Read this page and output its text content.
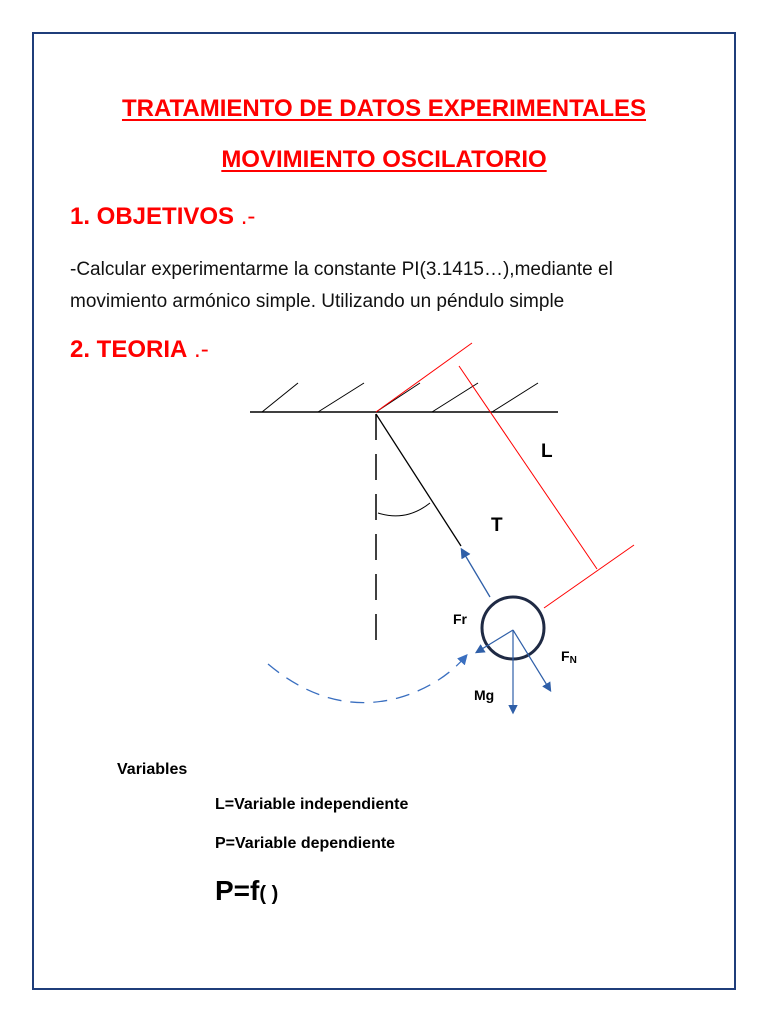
TRATAMIENTO DE DATOS EXPERIMENTALES
MOVIMIENTO OSCILATORIO
1. OBJETIVOS .-
-Calcular experimentarme la constante PI(3.1415…),mediante el
movimiento armónico simple. Utilizando un péndulo simple
2. TEORIA .-
L
T
Fr
FN
Mg
Variables
L=Variable independiente
P=Variable dependiente
P=f( )
